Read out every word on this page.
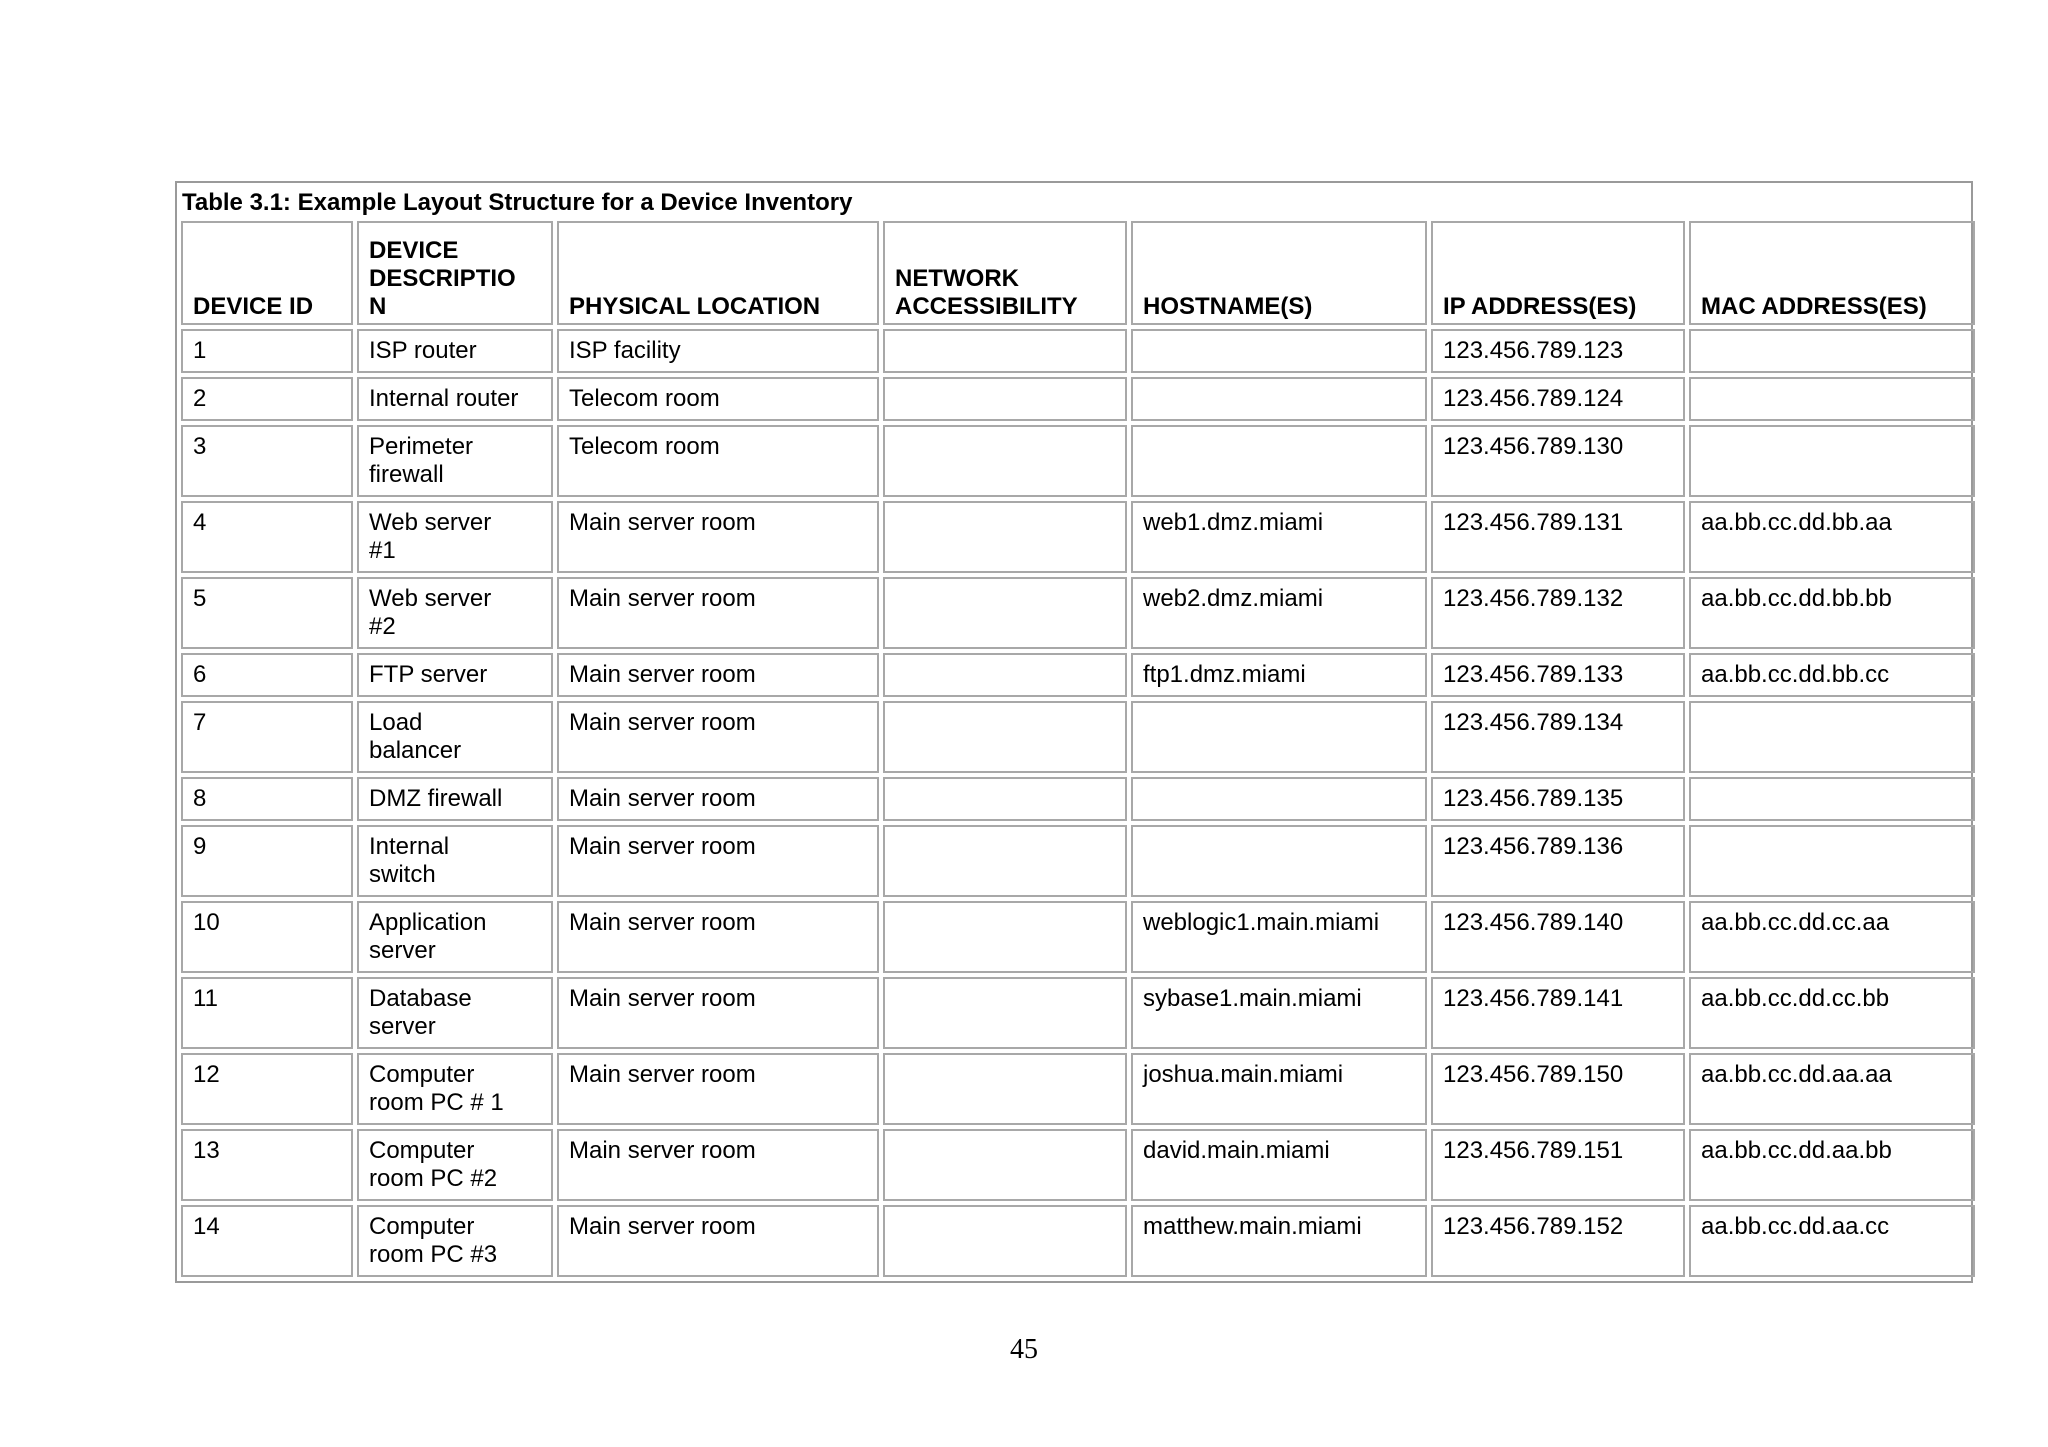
Table 3.1: Example Layout Structure for a Device Inventory
DEVICE ID	DEVICE
DESCRIPTIO
N	PHYSICAL LOCATION	NETWORK
ACCESSIBILITY	HOSTNAME(S)	IP ADDRESS(ES)	MAC ADDRESS(ES)
1	ISP router	ISP facility			123.456.789.123	
2	Internal router	Telecom room			123.456.789.124	
3	Perimeter
firewall	Telecom room			123.456.789.130	
4	Web server
#1	Main server room		web1.dmz.miami	123.456.789.131	aa.bb.cc.dd.bb.aa
5	Web server
#2	Main server room		web2.dmz.miami	123.456.789.132	aa.bb.cc.dd.bb.bb
6	FTP server	Main server room		ftp1.dmz.miami	123.456.789.133	aa.bb.cc.dd.bb.cc
7	Load
balancer	Main server room			123.456.789.134	
8	DMZ firewall	Main server room			123.456.789.135	
9	Internal
switch	Main server room			123.456.789.136	
10	Application
server	Main server room		weblogic1.main.miami	123.456.789.140	aa.bb.cc.dd.cc.aa
11	Database
server	Main server room		sybase1.main.miami	123.456.789.141	aa.bb.cc.dd.cc.bb
12	Computer
room PC # 1	Main server room		joshua.main.miami	123.456.789.150	aa.bb.cc.dd.aa.aa
13	Computer
room PC #2	Main server room		david.main.miami	123.456.789.151	aa.bb.cc.dd.aa.bb
14	Computer
room PC #3	Main server room		matthew.main.miami	123.456.789.152	aa.bb.cc.dd.aa.cc
45
